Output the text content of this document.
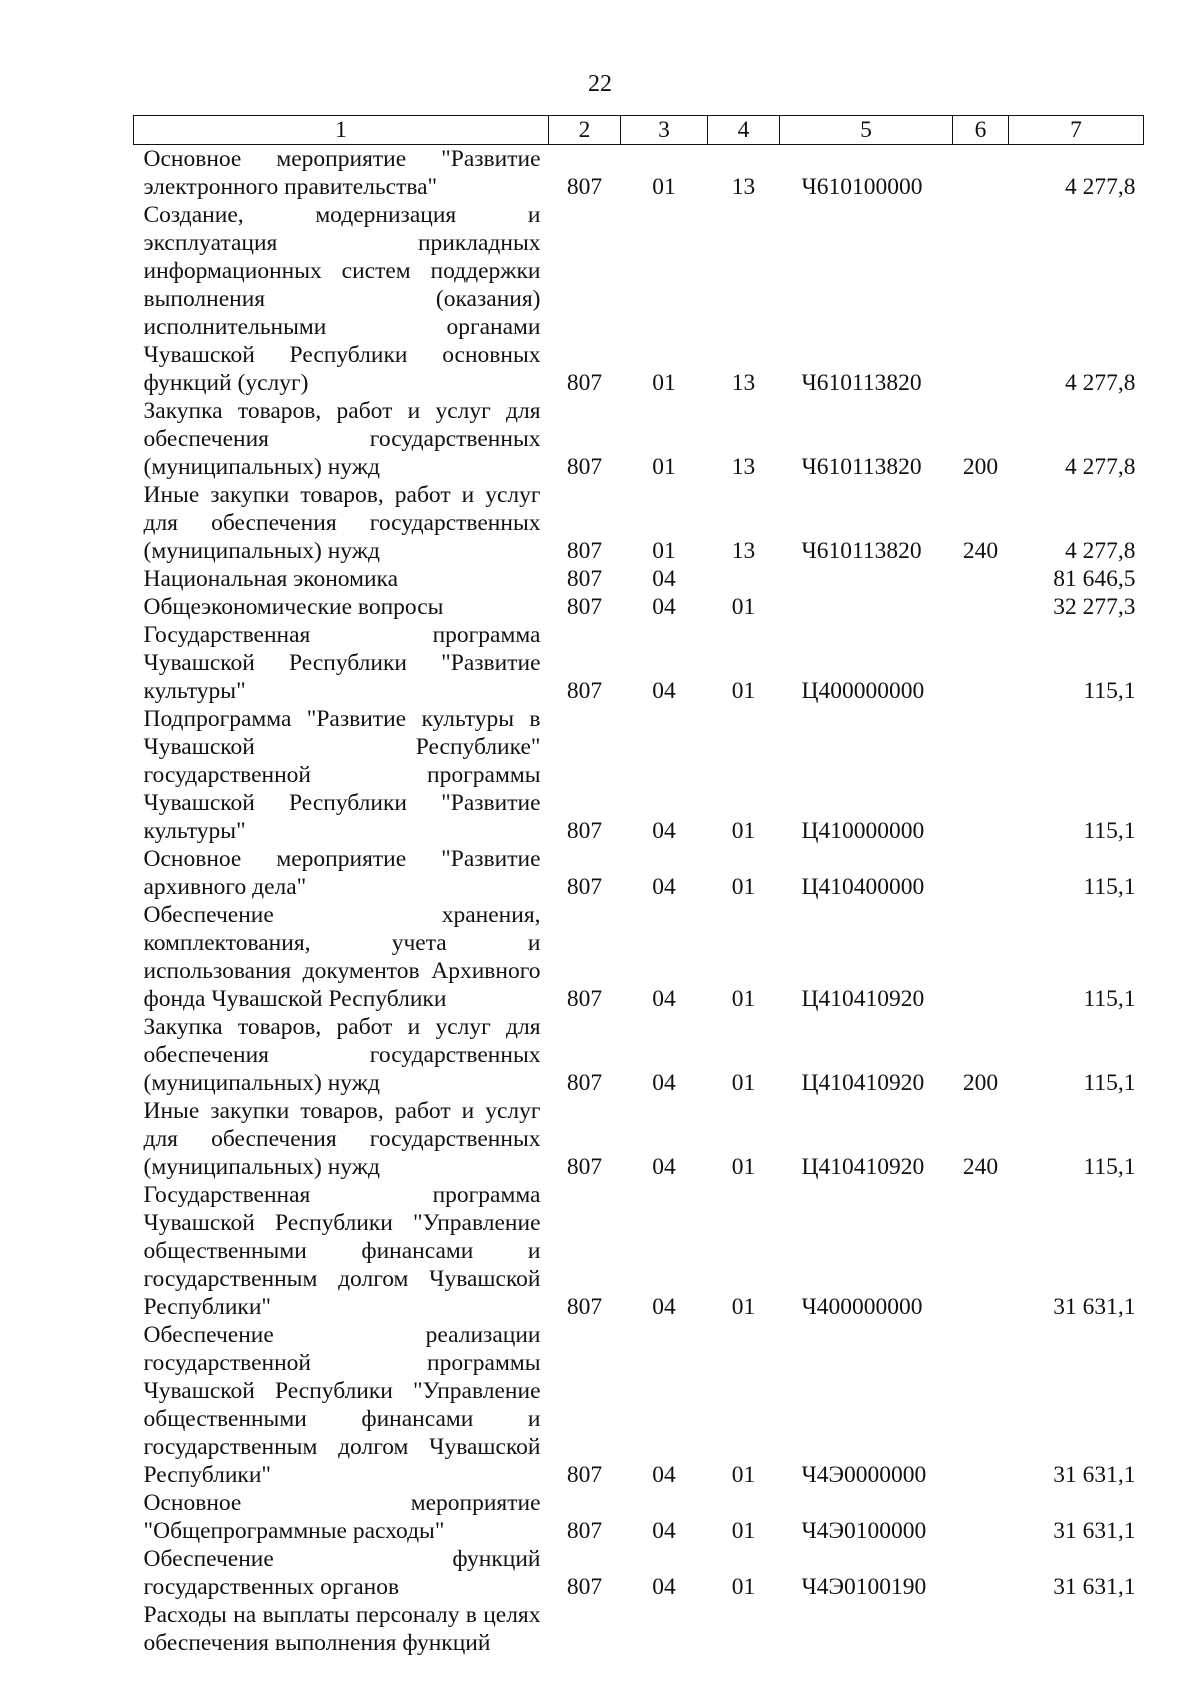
22
1	2	3	4	5	6	7
Основное мероприятие "Развитие электронного правительства"	807	01	13	Ч610100000		4 277,8
Создание, модернизация и эксплуатация прикладных информационных систем поддержки выполнения (оказания) исполнительными органами Чувашской Республики основных функций (услуг)	807	01	13	Ч610113820		4 277,8
Закупка товаров, работ и услуг для обеспечения государственных (муниципальных) нужд	807	01	13	Ч610113820	200	4 277,8
Иные закупки товаров, работ и услуг для обеспечения государственных (муниципальных) нужд	807	01	13	Ч610113820	240	4 277,8
Национальная экономика	807	04				81 646,5
Общеэкономические вопросы	807	04	01			32 277,3
Государственная программа Чувашской Республики "Развитие культуры"	807	04	01	Ц400000000		115,1
Подпрограмма "Развитие культуры в Чувашской Республике" государственной программы Чувашской Республики "Развитие культуры"	807	04	01	Ц410000000		115,1
Основное мероприятие "Развитие архивного дела"	807	04	01	Ц410400000		115,1
Обеспечение хранения, комплектования, учета и использования документов Архивного фонда Чувашской Республики	807	04	01	Ц410410920		115,1
Закупка товаров, работ и услуг для обеспечения государственных (муниципальных) нужд	807	04	01	Ц410410920	200	115,1
Иные закупки товаров, работ и услуг для обеспечения государственных (муниципальных) нужд	807	04	01	Ц410410920	240	115,1
Государственная программа Чувашской Республики "Управление общественными финансами и государственным долгом Чувашской Республики"	807	04	01	Ч400000000		31 631,1
Обеспечение реализации государственной программы Чувашской Республики "Управление общественными финансами и государственным долгом Чувашской Республики"	807	04	01	Ч4Э0000000		31 631,1
Основное мероприятие "Общепрограммные расходы"	807	04	01	Ч4Э0100000		31 631,1
Обеспечение функций государственных органов	807	04	01	Ч4Э0100190		31 631,1
Расходы на выплаты персоналу в целях обеспечения выполнения функций						
